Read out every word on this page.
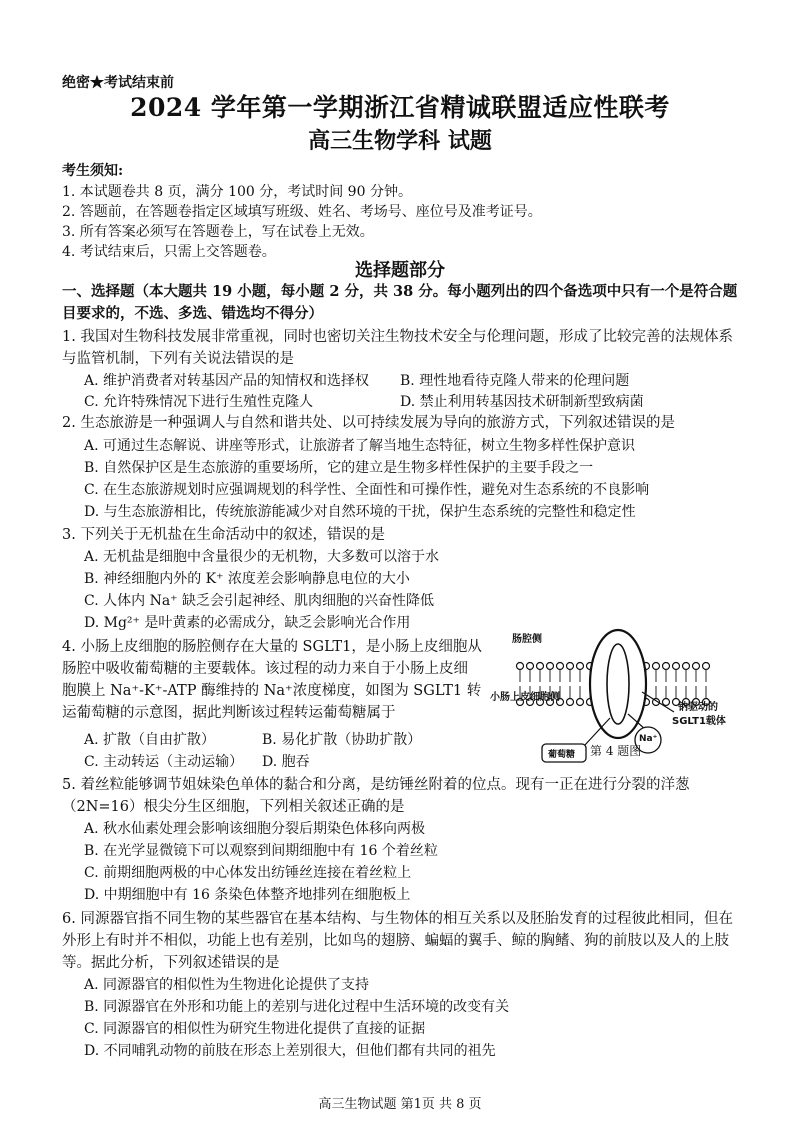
绝密★考试结束前
2024 学年第一学期浙江省精诚联盟适应性联考
高三生物学科 试题
考生须知:
1. 本试题卷共 8 页，满分 100 分，考试时间 90 分钟。
2. 答题前，在答题卷指定区域填写班级、姓名、考场号、座位号及准考证号。
3. 所有答案必须写在答题卷上，写在试卷上无效。
4. 考试结束后，只需上交答题卷。
选择题部分
一、选择题（本大题共 19 小题，每小题 2 分，共 38 分。每小题列出的四个备选项中只有一个是符合题目要求的，不选、多选、错选均不得分）
1. 我国对生物科技发展非常重视，同时也密切关注生物技术安全与伦理问题，形成了比较完善的法规体系与监管机制，下列有关说法错误的是
A. 维护消费者对转基因产品的知情权和选择权 B. 理性地看待克隆人带来的伦理问题
C. 允许特殊情况下进行生殖性克隆人	D. 禁止利用转基因技术研制新型致病菌
2. 生态旅游是一种强调人与自然和谐共处、以可持续发展为导向的旅游方式，下列叙述错误的是
A. 可通过生态解说、讲座等形式，让旅游者了解当地生态特征，树立生物多样性保护意识
B. 自然保护区是生态旅游的重要场所，它的建立是生物多样性保护的主要手段之一
C. 在生态旅游规划时应强调规划的科学性、全面性和可操作性，避免对生态系统的不良影响
D. 与生态旅游相比，传统旅游能减少对自然环境的干扰，保护生态系统的完整性和稳定性
3. 下列关于无机盐在生命活动中的叙述，错误的是
A. 无机盐是细胞中含量很少的无机物，大多数可以溶于水
B. 神经细胞内外的 K⁺ 浓度差会影响静息电位的大小
C. 人体内 Na⁺ 缺乏会引起神经、肌肉细胞的兴奋性降低
D. Mg²⁺ 是叶黄素的必需成分，缺乏会影响光合作用
4. 小肠上皮细胞的肠腔侧存在大量的 SGLT1，是小肠上皮细胞从肠腔中吸收葡萄糖的主要载体。该过程的动力来自于小肠上皮细胞膜上 Na⁺-K⁺-ATP 酶维持的 Na⁺浓度梯度，如图为 SGLT1 转运葡萄糖的示意图，据此判断该过程转运葡萄糖属于
A. 扩散（自由扩散）	B. 易化扩散（协助扩散）
C. 主动转运（主动运输） D. 胞吞
肠腔侧
小肠上皮细胞侧
葡萄糖
Na⁺
钠驱动的
SGLT1载体
第 4 题图
5. 着丝粒能够调节姐妹染色单体的黏合和分离，是纺锤丝附着的位点。现有一正在进行分裂的洋葱（2N=16）根尖分生区细胞，下列相关叙述正确的是
A. 秋水仙素处理会影响该细胞分裂后期染色体移向两极
B. 在光学显微镜下可以观察到间期细胞中有 16 个着丝粒
C. 前期细胞两极的中心体发出纺锤丝连接在着丝粒上
D. 中期细胞中有 16 条染色体整齐地排列在细胞板上
6. 同源器官指不同生物的某些器官在基本结构、与生物体的相互关系以及胚胎发育的过程彼此相同，但在外形上有时并不相似，功能上也有差别，比如鸟的翅膀、蝙蝠的翼手、鲸的胸鳍、狗的前肢以及人的上肢等。据此分析，下列叙述错误的是
A. 同源器官的相似性为生物进化论提供了支持
B. 同源器官在外形和功能上的差别与进化过程中生活环境的改变有关
C. 同源器官的相似性为研究生物进化提供了直接的证据
D. 不同哺乳动物的前肢在形态上差别很大，但他们都有共同的祖先
高三生物试题 第1页 共 8 页
